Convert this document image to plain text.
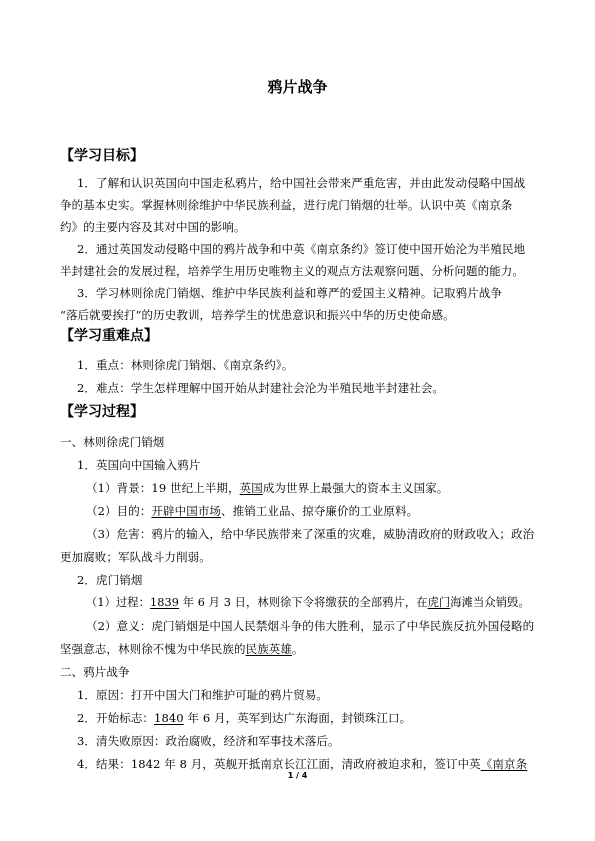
鸦片战争
【学习目标】
1．了解和认识英国向中国走私鸦片，给中国社会带来严重危害，并由此发动侵略中国战
争的基本史实。掌握林则徐维护中华民族利益，进行虎门销烟的壮举。认识中英《南京条
约》的主要内容及其对中国的影响。
2．通过英国发动侵略中国的鸦片战争和中英《南京条约》签订使中国开始沦为半殖民地
半封建社会的发展过程，培养学生用历史唯物主义的观点方法观察问题、分析问题的能力。
3．学习林则徐虎门销烟、维护中华民族利益和尊严的爱国主义精神。记取鸦片战争
“落后就要挨打”的历史教训，培养学生的忧患意识和振兴中华的历史使命感。
【学习重难点】
1．重点：林则徐虎门销烟、《南京条约》。
2．难点：学生怎样理解中国开始从封建社会沦为半殖民地半封建社会。
【学习过程】
一、林则徐虎门销烟
1．英国向中国输入鸦片
（1）背景：19 世纪上半期，英国成为世界上最强大的资本主义国家。
（2）目的：开辟中国市场、推销工业品、掠夺廉价的工业原料。
（3）危害：鸦片的输入，给中华民族带来了深重的灾难，威胁清政府的财政收入；政治
更加腐败；军队战斗力削弱。
2．虎门销烟
（1）过程：1839 年 6 月 3 日，林则徐下令将缴获的全部鸦片，在虎门海滩当众销毁。
（2）意义：虎门销烟是中国人民禁烟斗争的伟大胜利，显示了中华民族反抗外国侵略的
坚强意志，林则徐不愧为中华民族的民族英雄。
二、鸦片战争
1．原因：打开中国大门和维护可耻的鸦片贸易。
2．开始标志：1840 年 6 月，英军到达广东海面，封锁珠江口。
3．清失败原因：政治腐败，经济和军事技术落后。
4．结果：1842 年 8 月，英舰开抵南京长江江面，清政府被迫求和，签订中英《南京条
1 / 4
